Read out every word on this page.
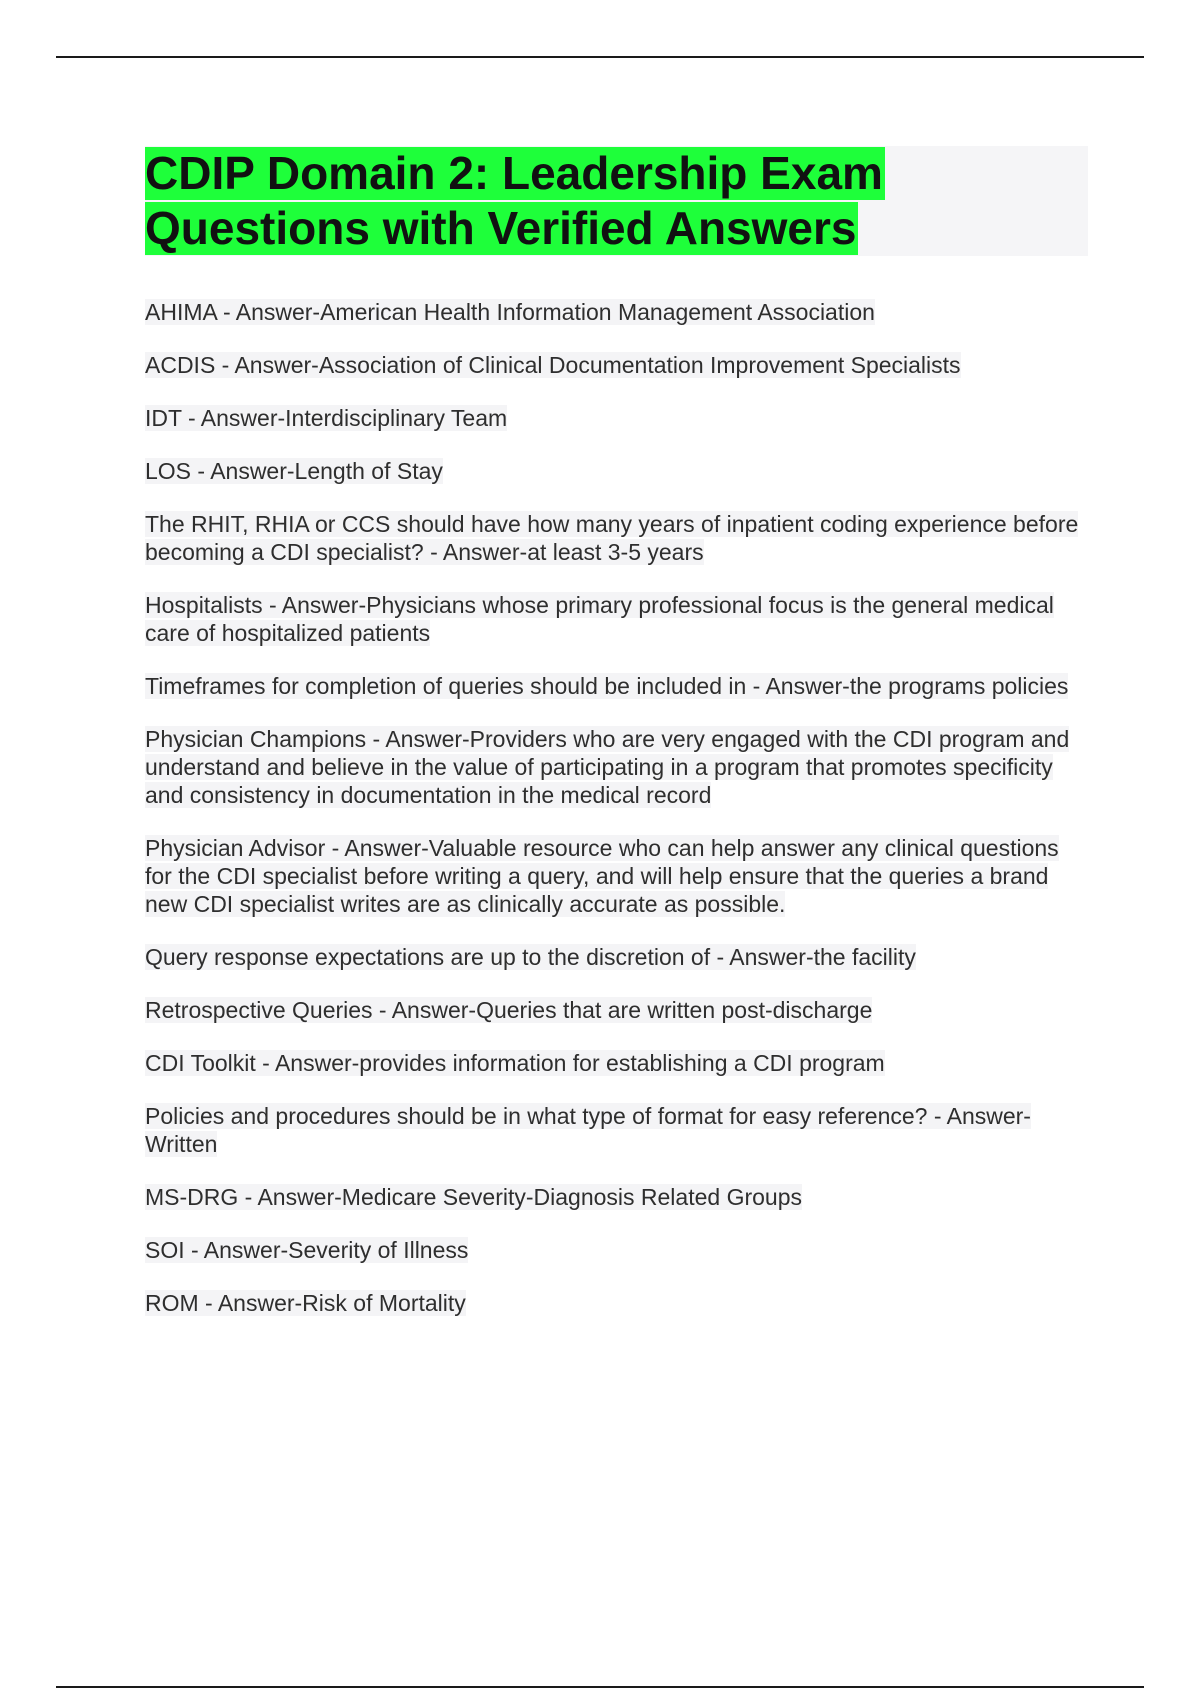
CDIP Domain 2: Leadership Exam
Questions with Verified Answers
AHIMA - Answer-American Health Information Management Association
ACDIS - Answer-Association of Clinical Documentation Improvement Specialists
IDT - Answer-Interdisciplinary Team
LOS - Answer-Length of Stay
The RHIT, RHIA or CCS should have how many years of inpatient coding experience before becoming a CDI specialist? - Answer-at least 3-5 years
Hospitalists - Answer-Physicians whose primary professional focus is the general medical care of hospitalized patients
Timeframes for completion of queries should be included in - Answer-the programs policies
Physician Champions - Answer-Providers who are very engaged with the CDI program and understand and believe in the value of participating in a program that promotes specificity and consistency in documentation in the medical record
Physician Advisor - Answer-Valuable resource who can help answer any clinical questions for the CDI specialist before writing a query, and will help ensure that the queries a brand new CDI specialist writes are as clinically accurate as possible.
Query response expectations are up to the discretion of - Answer-the facility
Retrospective Queries - Answer-Queries that are written post-discharge
CDI Toolkit - Answer-provides information for establishing a CDI program
Policies and procedures should be in what type of format for easy reference? - Answer-Written
MS-DRG - Answer-Medicare Severity-Diagnosis Related Groups
SOI - Answer-Severity of Illness
ROM - Answer-Risk of Mortality
